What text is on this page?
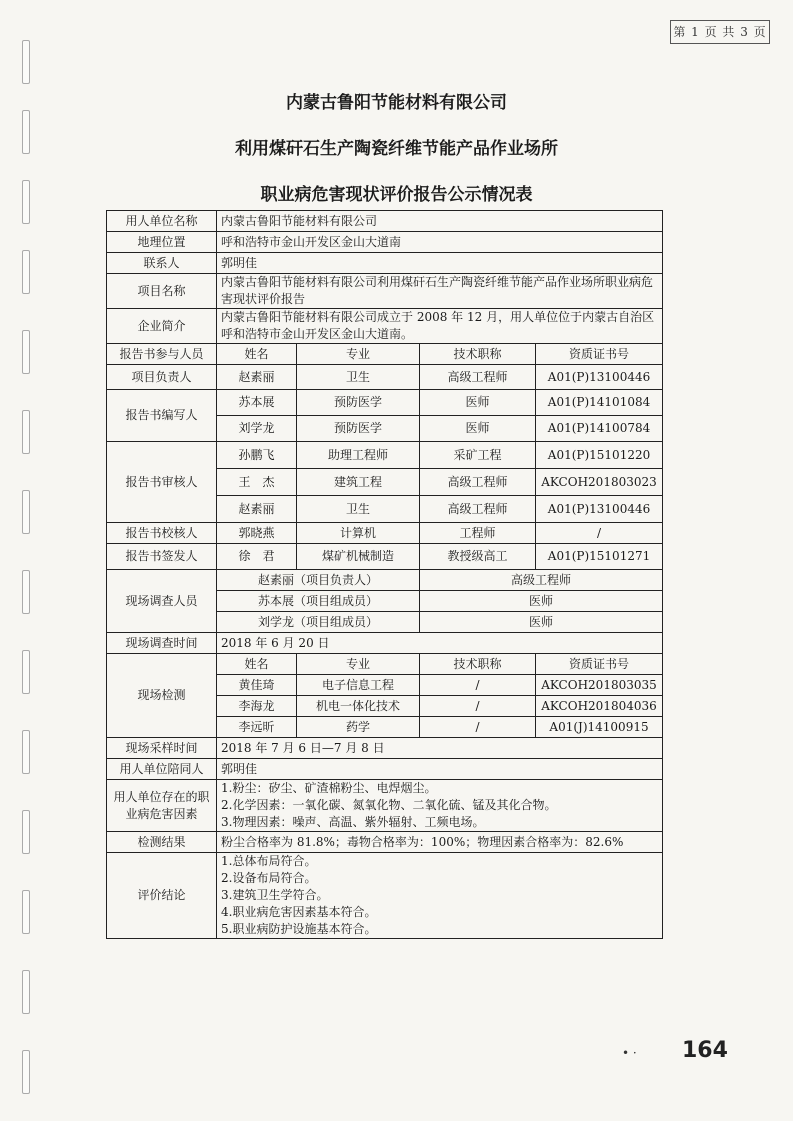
第 1 页 共 3 页
内蒙古鲁阳节能材料有限公司
利用煤矸石生产陶瓷纤维节能产品作业场所
职业病危害现状评价报告公示情况表
用人单位名称	内蒙古鲁阳节能材料有限公司			
地理位置	呼和浩特市金山开发区金山大道南			
联系人	郭明佳			
项目名称	内蒙古鲁阳节能材料有限公司利用煤矸石生产陶瓷纤维节能产品作业场所职业病危害现状评价报告			
企业简介	内蒙古鲁阳节能材料有限公司成立于 2008 年 12 月，用人单位位于内蒙古自治区呼和浩特市金山开发区金山大道南。			
报告书参与人员	姓名	专业	技术职称	资质证书号
项目负责人	赵素丽	卫生	高级工程师	A01(P)13100446
报告书编写人	苏本展	预防医学	医师	A01(P)14101084
	刘学龙	预防医学	医师	A01(P)14100784
报告书审核人	孙鹏飞	助理工程师	采矿工程	A01(P)15101220
	王　杰	建筑工程	高级工程师	AKCOH201803023
	赵素丽	卫生	高级工程师	A01(P)13100446
报告书校核人	郭晓燕	计算机	工程师	/
报告书签发人	徐　君	煤矿机械制造	教授级高工	A01(P)15101271
现场调查人员	赵素丽（项目负责人）		高级工程师	
	苏本展（项目组成员）		医师	
	刘学龙（项目组成员）		医师	
现场调查时间	2018 年 6 月 20 日			
现场检测	姓名	专业	技术职称	资质证书号
	黄佳琦	电子信息工程	/	AKCOH201803035
	李海龙	机电一体化技术	/	AKCOH201804036
	李远昕	药学	/	A01(J)14100915
现场采样时间	2018 年 7 月 6 日—7 月 8 日			
用人单位陪同人	郭明佳			
用人单位存在的职业病危害因素	1.粉尘：矽尘、矿渣棉粉尘、电焊烟尘。
2.化学因素：一氧化碳、氮氧化物、二氧化硫、锰及其化合物。
3.物理因素：噪声、高温、紫外辐射、工频电场。			

检测结果	粉尘合格率为 81.8%；毒物合格率为：100%；物理因素合格率为：82.6%			
评价结论	1.总体布局符合。
2.设备布局符合。
3.建筑卫生学符合。
4.职业病危害因素基本符合。
5.职业病防护设施基本符合。			
• · 164
